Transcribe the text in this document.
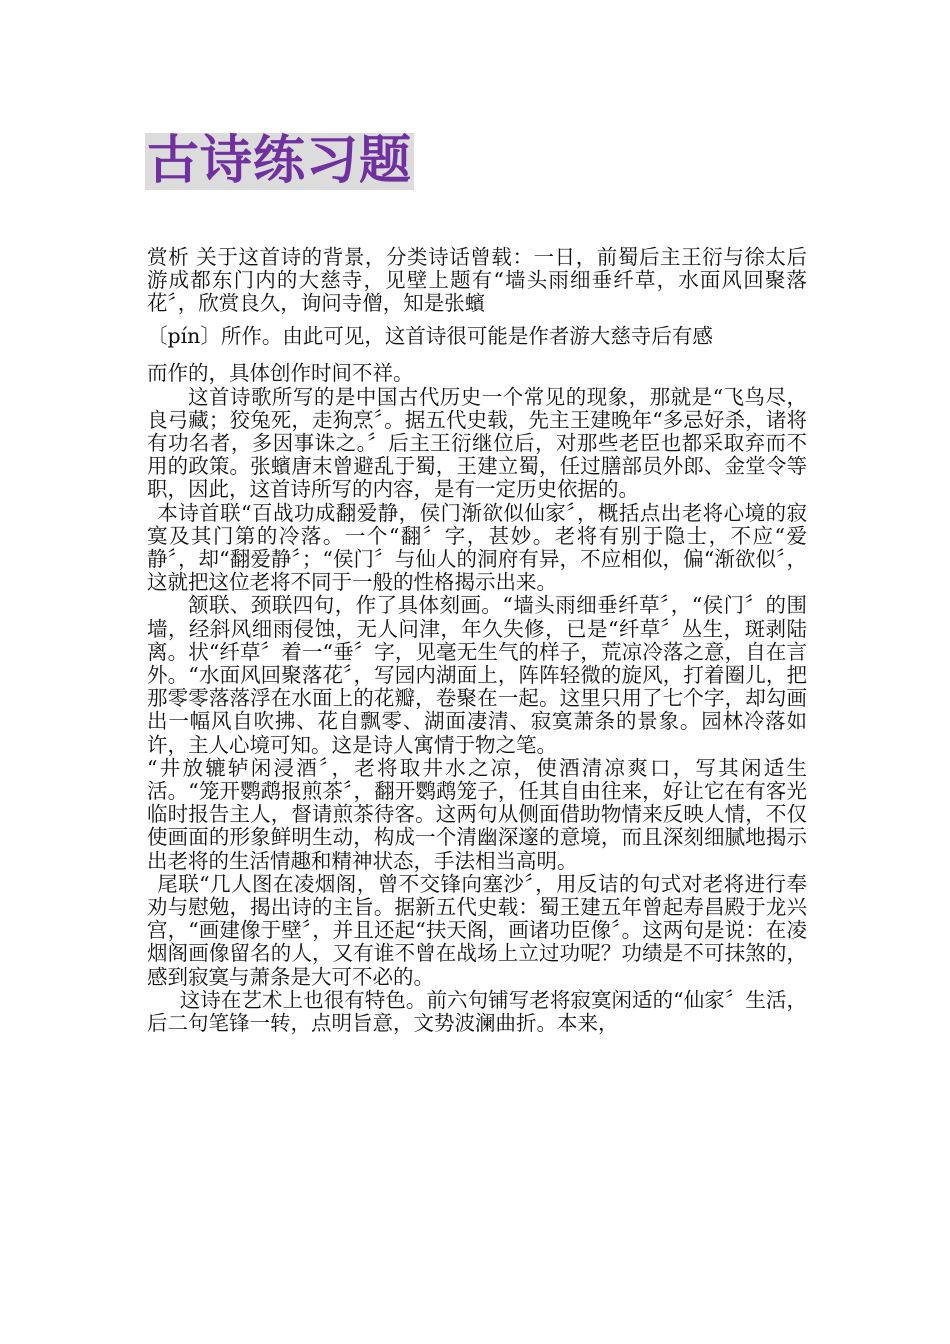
古诗练习题

赏析 关于这首诗的背景，分类诗话曾载：一日，前蜀后主王衍与徐太后游成都东门内的大慈寺，见壁上题有“墙头雨细垂纤草，水面风回聚落花〞，欣赏良久，询问寺僧，知是张蠙
〔pín〕所作。由此可见，这首诗很可能是作者游大慈寺后有感
而作的，具体创作时间不祥。

这首诗歌所写的是中国古代历史一个常见的现象，那就是“飞鸟尽，良弓藏；狡兔死，走狗烹〞。据五代史载，先主王建晚年“多忌好杀，诸将有功名者，多因事诛之。〞后主王衍继位后，对那些老臣也都采取弃而不用的政策。张蠙唐末曾避乱于蜀，王建立蜀，任过膳部员外郎、金堂令等职，因此，这首诗所写的内容，是有一定历史依据的。

本诗首联“百战功成翻爱静，侯门渐欲似仙家〞，概括点出老将心境的寂寞及其门第的冷落。一个“翻〞字，甚妙。老将有别于隐士，不应“爱静〞，却“翻爱静〞；“侯门〞与仙人的洞府有异，不应相似，偏“渐欲似〞，这就把这位老将不同于一般的性格揭示出来。

颔联、颈联四句，作了具体刻画。“墙头雨细垂纤草〞，“侯门〞的围墙，经斜风细雨侵蚀，无人问津，年久失修，已是“纤草〞丛生，斑剥陆离。状“纤草〞着一“垂〞字，见毫无生气的样子，荒凉冷落之意，自在言外。“水面风回聚落花〞，写园内湖面上，阵阵轻微的旋风，打着圈儿，把那零零落落浮在水面上的花瓣，卷聚在一起。这里只用了七个字，却勾画出一幅风自吹拂、花自飘零、湖面凄清、寂寞萧条的景象。园林冷落如许，主人心境可知。这是诗人寓情于物之笔。

“井放辘轳闲浸酒〞，老将取井水之凉，使酒清凉爽口，写其闲适生活。“笼开鹦鹉报煎茶〞，翻开鹦鹉笼子，任其自由往来，好让它在有客光临时报告主人，督请煎茶待客。这两句从侧面借助物情来反映人情，不仅使画面的形象鲜明生动，构成一个清幽深邃的意境，而且深刻细腻地揭示出老将的生活情趣和精神状态，手法相当高明。

尾联“几人图在凌烟阁，曾不交锋向塞沙〞，用反诘的句式对老将进行奉劝与慰勉，揭出诗的主旨。据新五代史载：蜀王建五年曾起寿昌殿于龙兴宫，“画建像于壁〞，并且还起“扶天阁，画诸功臣像〞。这两句是说：在凌烟阁画像留名的人，又有谁不曾在战场上立过功呢？功绩是不可抹煞的，感到寂寞与萧条是大可不必的。

这诗在艺术上也很有特色。前六句铺写老将寂寞闲适的“仙家〞生活，后二句笔锋一转，点明旨意，文势波澜曲折。本来，
